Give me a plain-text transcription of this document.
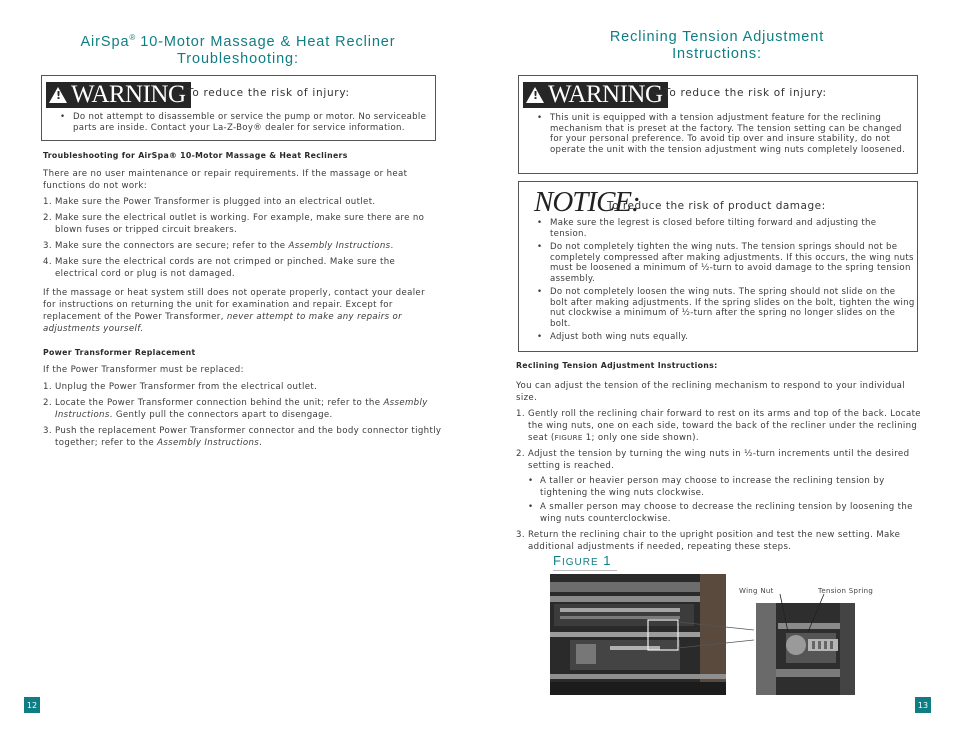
AirSpa® 10-Motor Massage & Heat Recliner
Troubleshooting:
!
WARNING
– To reduce the risk of injury:
• Do not attempt to disassemble or service the pump or motor. No serviceable parts are inside. Contact your La-Z-Boy® dealer for service information.
Troubleshooting for AirSpa® 10-Motor Massage & Heat Recliners
There are no user maintenance or repair requirements. If the massage or heat functions do not work:
1. Make sure the Power Transformer is plugged into an electrical outlet.
2. Make sure the electrical outlet is working. For example, make sure there are no blown fuses or tripped circuit breakers.
3. Make sure the connectors are secure; refer to the Assembly Instructions.
4. Make sure the electrical cords are not crimped or pinched. Make sure the electrical cord or plug is not damaged.
If the massage or heat system still does not operate properly, contact your dealer for instructions on returning the unit for examination and repair. Except for replacement of the Power Transformer, never attempt to make any repairs or adjustments yourself.
Power Transformer Replacement
If the Power Transformer must be replaced:
1. Unplug the Power Transformer from the electrical outlet.
2. Locate the Power Transformer connection behind the unit; refer to the Assembly Instructions. Gently pull the connectors apart to disengage.
3. Push the replacement Power Transformer connector and the body connector tightly together; refer to the Assembly Instructions.
12
Reclining Tension Adjustment
Instructions:
!
WARNING
– To reduce the risk of injury:
• This unit is equipped with a tension adjustment feature for the reclining mechanism that is preset at the factory. The tension setting can be changed for your personal preference. To avoid tip over and insure stability, do not operate the unit with the tension adjustment wing nuts completely loosened.
NOTICE:
To reduce the risk of product damage:
• Make sure the legrest is closed before tilting forward and adjusting the tension.
• Do not completely tighten the wing nuts. The tension springs should not be completely compressed after making adjustments. If this occurs, the wing nuts must be loosened a minimum of ½-turn to avoid damage to the spring tension assembly.
• Do not completely loosen the wing nuts. The spring should not slide on the bolt after making adjustments. If the spring slides on the bolt, tighten the wing nut clockwise a minimum of ½-turn after the spring no longer slides on the bolt.
• Adjust both wing nuts equally.
Reclining Tension Adjustment Instructions:
You can adjust the tension of the reclining mechanism to respond to your individual size.
1. Gently roll the reclining chair forward to rest on its arms and top of the back. Locate the wing nuts, one on each side, toward the back of the recliner under the reclining seat (FIGURE 1; only one side shown).
2. Adjust the tension by turning the wing nuts in ½-turn increments until the desired setting is reached.
• A taller or heavier person may choose to increase the reclining tension by tightening the wing nuts clockwise.
• A smaller person may choose to decrease the reclining tension by loosening the wing nuts counterclockwise.
3. Return the reclining chair to the upright position and test the new setting. Make additional adjustments if needed, repeating these steps.
FIGURE 1
Wing Nut	Tension Spring
13
